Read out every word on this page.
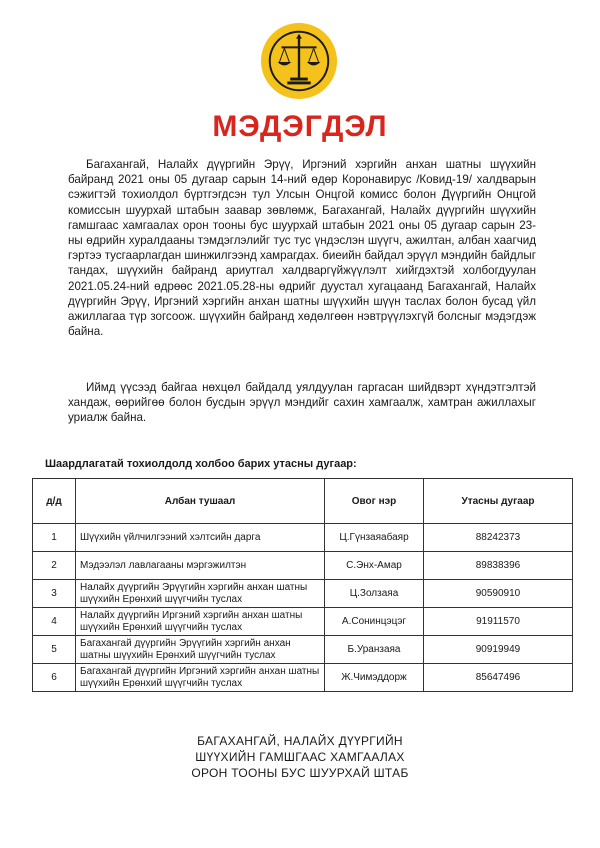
МЭДЭГДЭЛ

Багахангай, Налайх дүүргийн Эрүү, Иргэний хэргийн анхан шатны шүүхийн байранд 2021 оны 05 дугаар сарын 14-ний өдөр Коронавирус /Ковид-19/ халдварын сэжигтэй тохиолдол бүртгэгдсэн тул Улсын Онцгой комисс болон Дүүргийн Онцгой комиссын шуурхай штабын заавар зөвлөмж, Багахангай, Налайх дүүргийн шүүхийн гамшгаас хамгаалах орон тооны бус шуурхай штабын 2021 оны 05 дугаар сарын 23-ны өдрийн хуралдааны тэмдэглэлийг тус тус үндэслэн шүүгч, ажилтан, албан хаагчид гэртээ тусгаарлагдан шинжилгээнд хамрагдах. биеийн байдал эрүүл мэндийн байдлыг тандах, шүүхийн байранд ариутгал халдваргүйжүүлэлт хийгдэхтэй холбогдуулан 2021.05.24-ний өдрөөс 2021.05.28-ны өдрийг дуустал хугацаанд Багахангай, Налайх дүүргийн Эрүү, Иргэний хэргийн анхан шатны шүүхийн шүүн таслах болон бусад үйл ажиллагаа түр зогсоож. шүүхийн байранд хөдөлгөөн нэвтрүүлэхгүй болсныг мэдэгдэж байна.

Иймд үүсээд байгаа нөхцөл байдалд уялдуулан гаргасан шийдвэрт хүндэтгэлтэй хандаж, өөрийгөө болон бусдын эрүүл мэндийг сахин хамгаалж, хамтран ажиллахыг уриалж байна.

Шаардлагатай тохиолдолд холбоо барих утасны дугаар:
д/д	Албан тушаал	Овог нэр	Утасны дугаар
1	Шүүхийн үйлчилгээний хэлтсийн дарга	Ц.Гүнзаяабаяр	88242373
2	Мэдээлэл лавлагааны мэргэжилтэн	С.Энх-Амар	89838396
3	Налайх дүүргийн Эрүүгийн хэргийн анхан шатны шүүхийн Ерөнхий шүүгчийн туслах	Ц.Золзаяа	90590910
4	Налайх дүүргийн Иргэний хэргийн анхан шатны шүүхийн Ерөнхий шүүгчийн туслах	А.Сонинцэцэг	91911570
5	Багахангай дүүргийн Эрүүгийн хэргийн анхан шатны шүүхийн Ерөнхий шүүгчийн туслах	Б.Уранзаяа	90919949
6	Багахангай дүүргийн Иргэний хэргийн анхан шатны шүүхийн Ерөнхий шүүгчийн туслах	Ж.Чимэддорж	85647496
БАГАХАНГАЙ, НАЛАЙХ ДҮҮРГИЙН
ШҮҮХИЙН ГАМШГААС ХАМГААЛАХ
ОРОН ТООНЫ БУС ШУУРХАЙ ШТАБ
